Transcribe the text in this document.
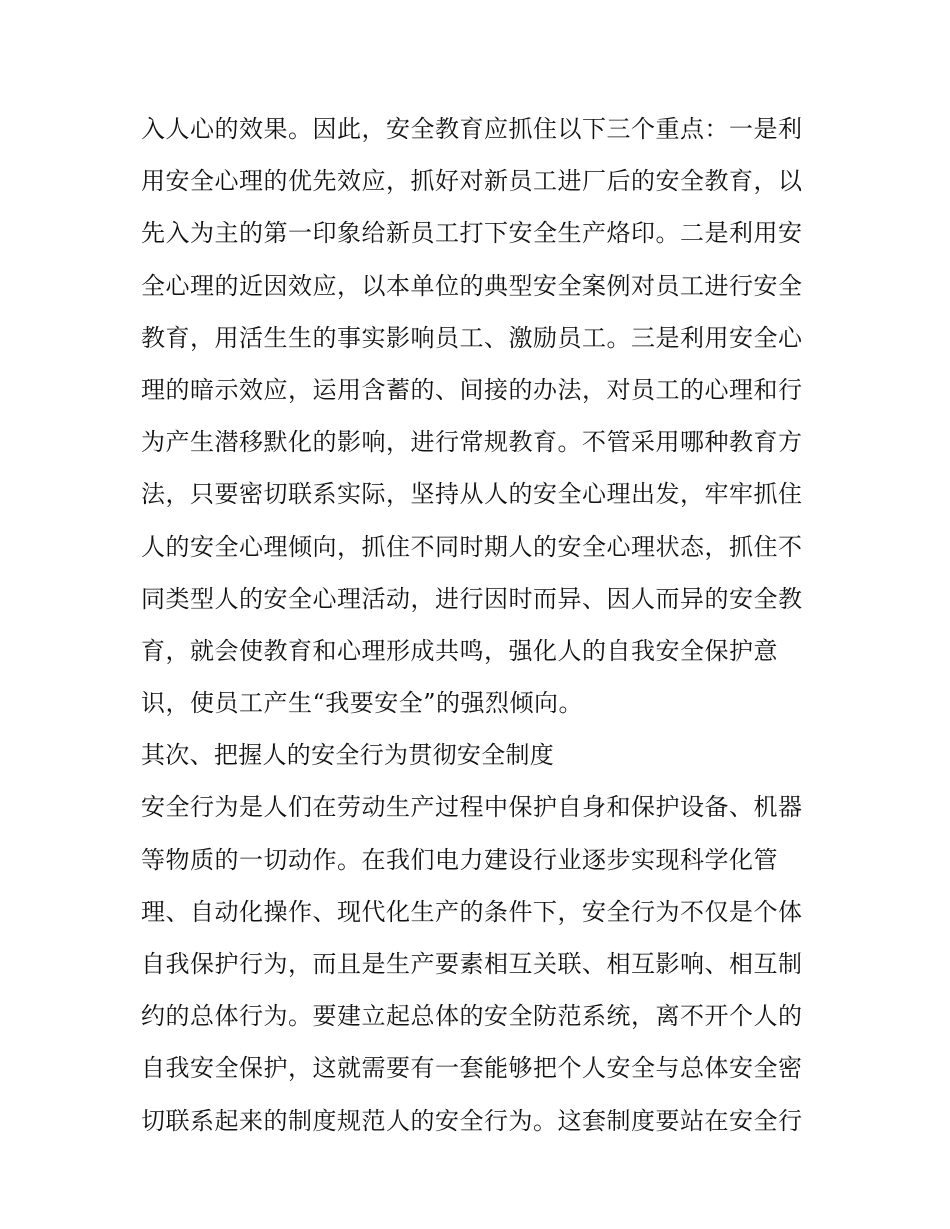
入人心的效果。因此，安全教育应抓住以下三个重点：一是利
用安全心理的优先效应，抓好对新员工进厂后的安全教育，以
先入为主的第一印象给新员工打下安全生产烙印。二是利用安
全心理的近因效应，以本单位的典型安全案例对员工进行安全
教育，用活生生的事实影响员工、激励员工。三是利用安全心
理的暗示效应，运用含蓄的、间接的办法，对员工的心理和行
为产生潜移默化的影响，进行常规教育。不管采用哪种教育方
法，只要密切联系实际，坚持从人的安全心理出发，牢牢抓住
人的安全心理倾向，抓住不同时期人的安全心理状态，抓住不
同类型人的安全心理活动，进行因时而异、因人而异的安全教
育，就会使教育和心理形成共鸣，强化人的自我安全保护意
识，使员工产生“我要安全”的强烈倾向。
其次、把握人的安全行为贯彻安全制度
安全行为是人们在劳动生产过程中保护自身和保护设备、机器
等物质的一切动作。在我们电力建设行业逐步实现科学化管
理、自动化操作、现代化生产的条件下，安全行为不仅是个体
自我保护行为，而且是生产要素相互关联、相互影响、相互制
约的总体行为。要建立起总体的安全防范系统，离不开个人的
自我安全保护，这就需要有一套能够把个人安全与总体安全密
切联系起来的制度规范人的安全行为。这套制度要站在安全行
